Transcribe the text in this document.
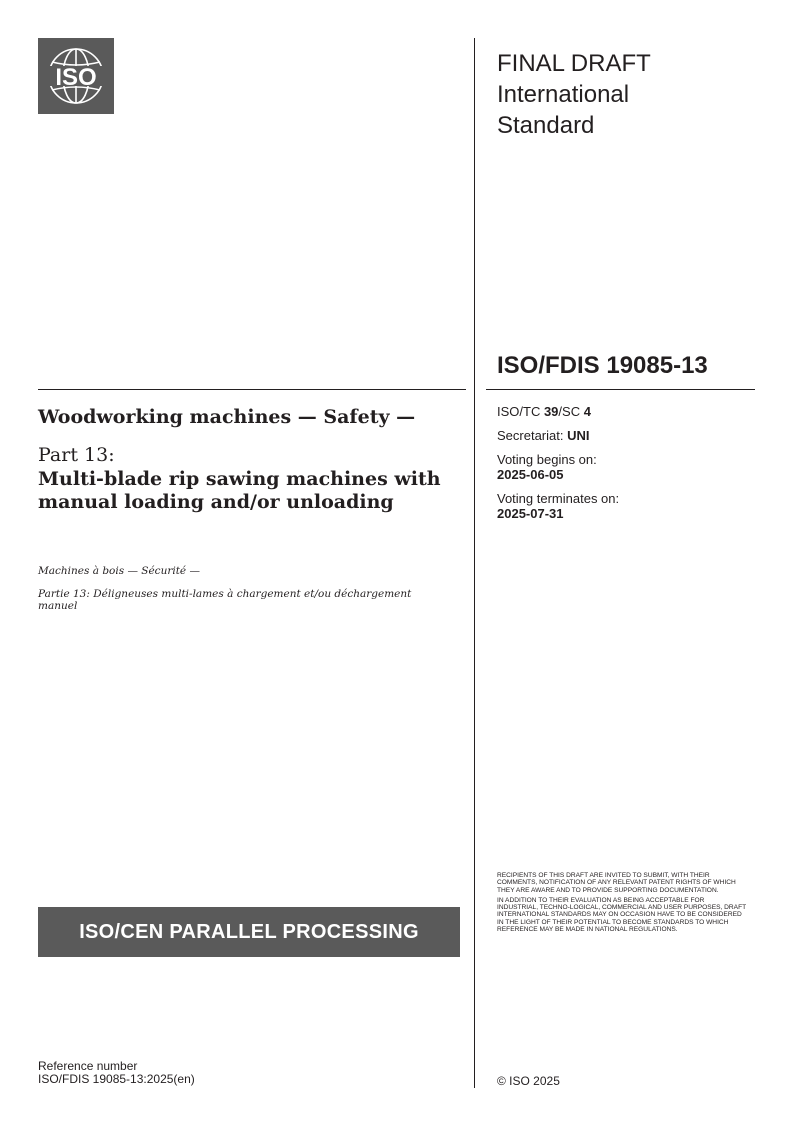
ISO
FINAL DRAFT
International
Standard
ISO/FDIS 19085-13

ISO/TC 39/SC 4

Secretariat: UNI

Voting begins on:
2025-06-05

Voting terminates on:
2025-07-31

Woodworking machines — Safety —
Part 13:
Multi-blade rip sawing machines with manual loading and/or unloading
Machines à bois — Sécurité —
Partie 13: Déligneuses multi-lames à chargement et/ou déchargement manuel
ISO/CEN PARALLEL PROCESSING

RECIPIENTS OF THIS DRAFT ARE INVITED TO SUBMIT, WITH THEIR COMMENTS, NOTIFICATION OF ANY RELEVANT PATENT RIGHTS OF WHICH THEY ARE AWARE AND TO PROVIDE SUPPORTING DOCUMENTATION.

IN ADDITION TO THEIR EVALUATION AS BEING ACCEPTABLE FOR INDUSTRIAL, TECHNO-LOGICAL, COMMERCIAL AND USER PURPOSES, DRAFT INTERNATIONAL STANDARDS MAY ON OCCASION HAVE TO BE CONSIDERED IN THE LIGHT OF THEIR POTENTIAL TO BECOME STANDARDS TO WHICH REFERENCE MAY BE MADE IN NATIONAL REGULATIONS.

Reference number
ISO/FDIS 19085-13:2025(en)	© ISO 2025
